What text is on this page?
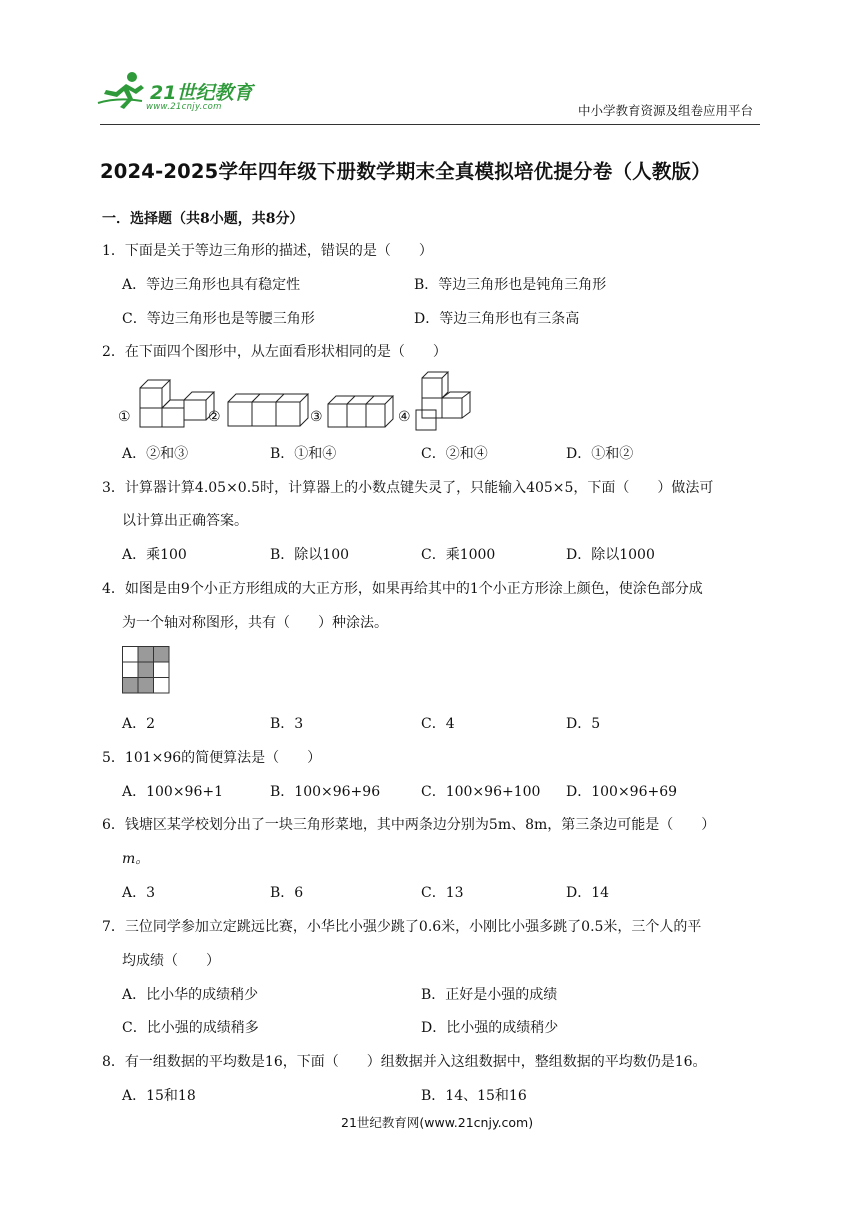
21世纪教育
www.21cnjy.com	中小学教育资源及组卷应用平台
2024-2025学年四年级下册数学期末全真模拟培优提分卷（人教版）
一．选择题（共8小题，共8分）
1．下面是关于等边三角形的描述，错误的是（　　）
A．等边三角形也具有稳定性	B．等边三角形也是钝角三角形
C．等边三角形也是等腰三角形	D．等边三角形也有三条高
2．在下面四个图形中，从左面看形状相同的是（　　）
①	②	③	④
A．②和③	B．①和④	C．②和④	D．①和②
3．计算器计算4.05×0.5时，计算器上的小数点键失灵了，只能输入405×5，下面（　　）做法可
以计算出正确答案。
A．乘100	B．除以100	C．乘1000	D．除以1000
4．如图是由9个小正方形组成的大正方形，如果再给其中的1个小正方形涂上颜色，使涂色部分成
为一个轴对称图形，共有（　　）种涂法。
A．2	B．3	C．4	D．5
5．101×96的简便算法是（　　）
A．100×96+1	B．100×96+96	C．100×96+100 D．100×96+69
6．钱塘区某学校划分出了一块三角形菜地，其中两条边分别为5m、8m，第三条边可能是（　　）
m。
A．3	B．6	C．13	D．14
7．三位同学参加立定跳远比赛，小华比小强少跳了0.6米，小刚比小强多跳了0.5米，三个人的平
均成绩（　　）
A．比小华的成绩稍少	B．正好是小强的成绩
C．比小强的成绩稍多	D．比小强的成绩稍少
8．有一组数据的平均数是16，下面（　　）组数据并入这组数据中，整组数据的平均数仍是16。
A．15和18	B．14、15和16
21世纪教育网(www.21cnjy.com)
